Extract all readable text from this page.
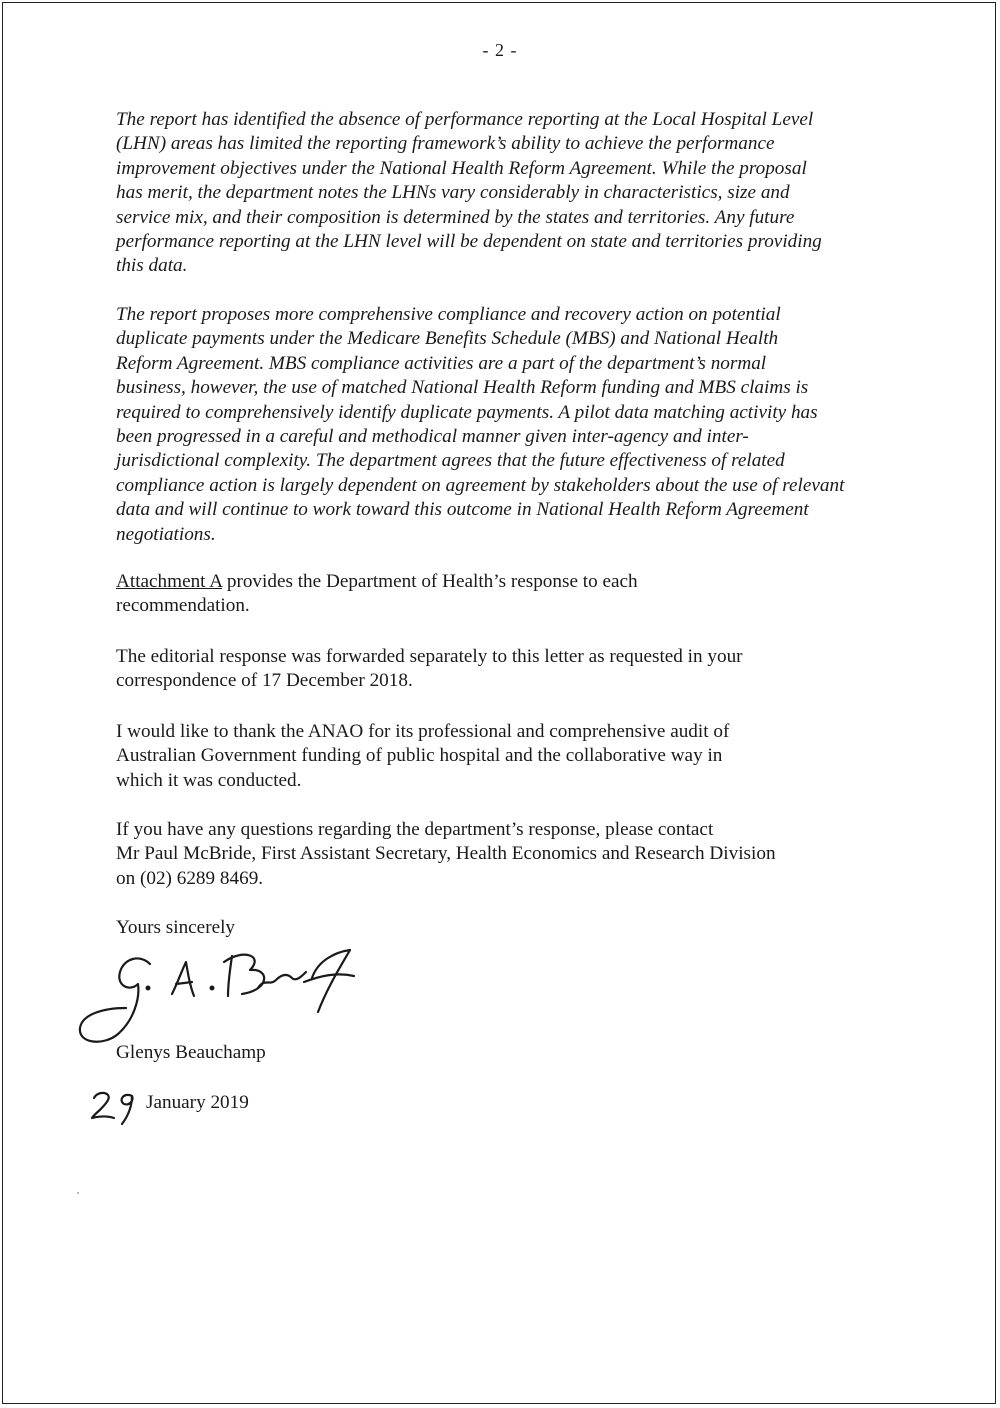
- 2 -

The report has identified the absence of performance reporting at the Local Hospital Level
(LHN) areas has limited the reporting framework’s ability to achieve the performance
improvement objectives under the National Health Reform Agreement. While the proposal
has merit, the department notes the LHNs vary considerably in characteristics, size and
service mix, and their composition is determined by the states and territories. Any future
performance reporting at the LHN level will be dependent on state and territories providing
this data.

The report proposes more comprehensive compliance and recovery action on potential
duplicate payments under the Medicare Benefits Schedule (MBS) and National Health
Reform Agreement. MBS compliance activities are a part of the department’s normal
business, however, the use of matched National Health Reform funding and MBS claims is
required to comprehensively identify duplicate payments. A pilot data matching activity has
been progressed in a careful and methodical manner given inter-agency and inter-
jurisdictional complexity. The department agrees that the future effectiveness of related
compliance action is largely dependent on agreement by stakeholders about the use of relevant
data and will continue to work toward this outcome in National Health Reform Agreement
negotiations.

Attachment A provides the Department of Health’s response to each
recommendation.

The editorial response was forwarded separately to this letter as requested in your
correspondence of 17 December 2018.

I would like to thank the ANAO for its professional and comprehensive audit of
Australian Government funding of public hospital and the collaborative way in
which it was conducted.

If you have any questions regarding the department’s response, please contact
Mr Paul McBride, First Assistant Secretary, Health Economics and Research Division
on (02) 6289 8469.

Yours sincerely

Glenys Beauchamp

January 2019
